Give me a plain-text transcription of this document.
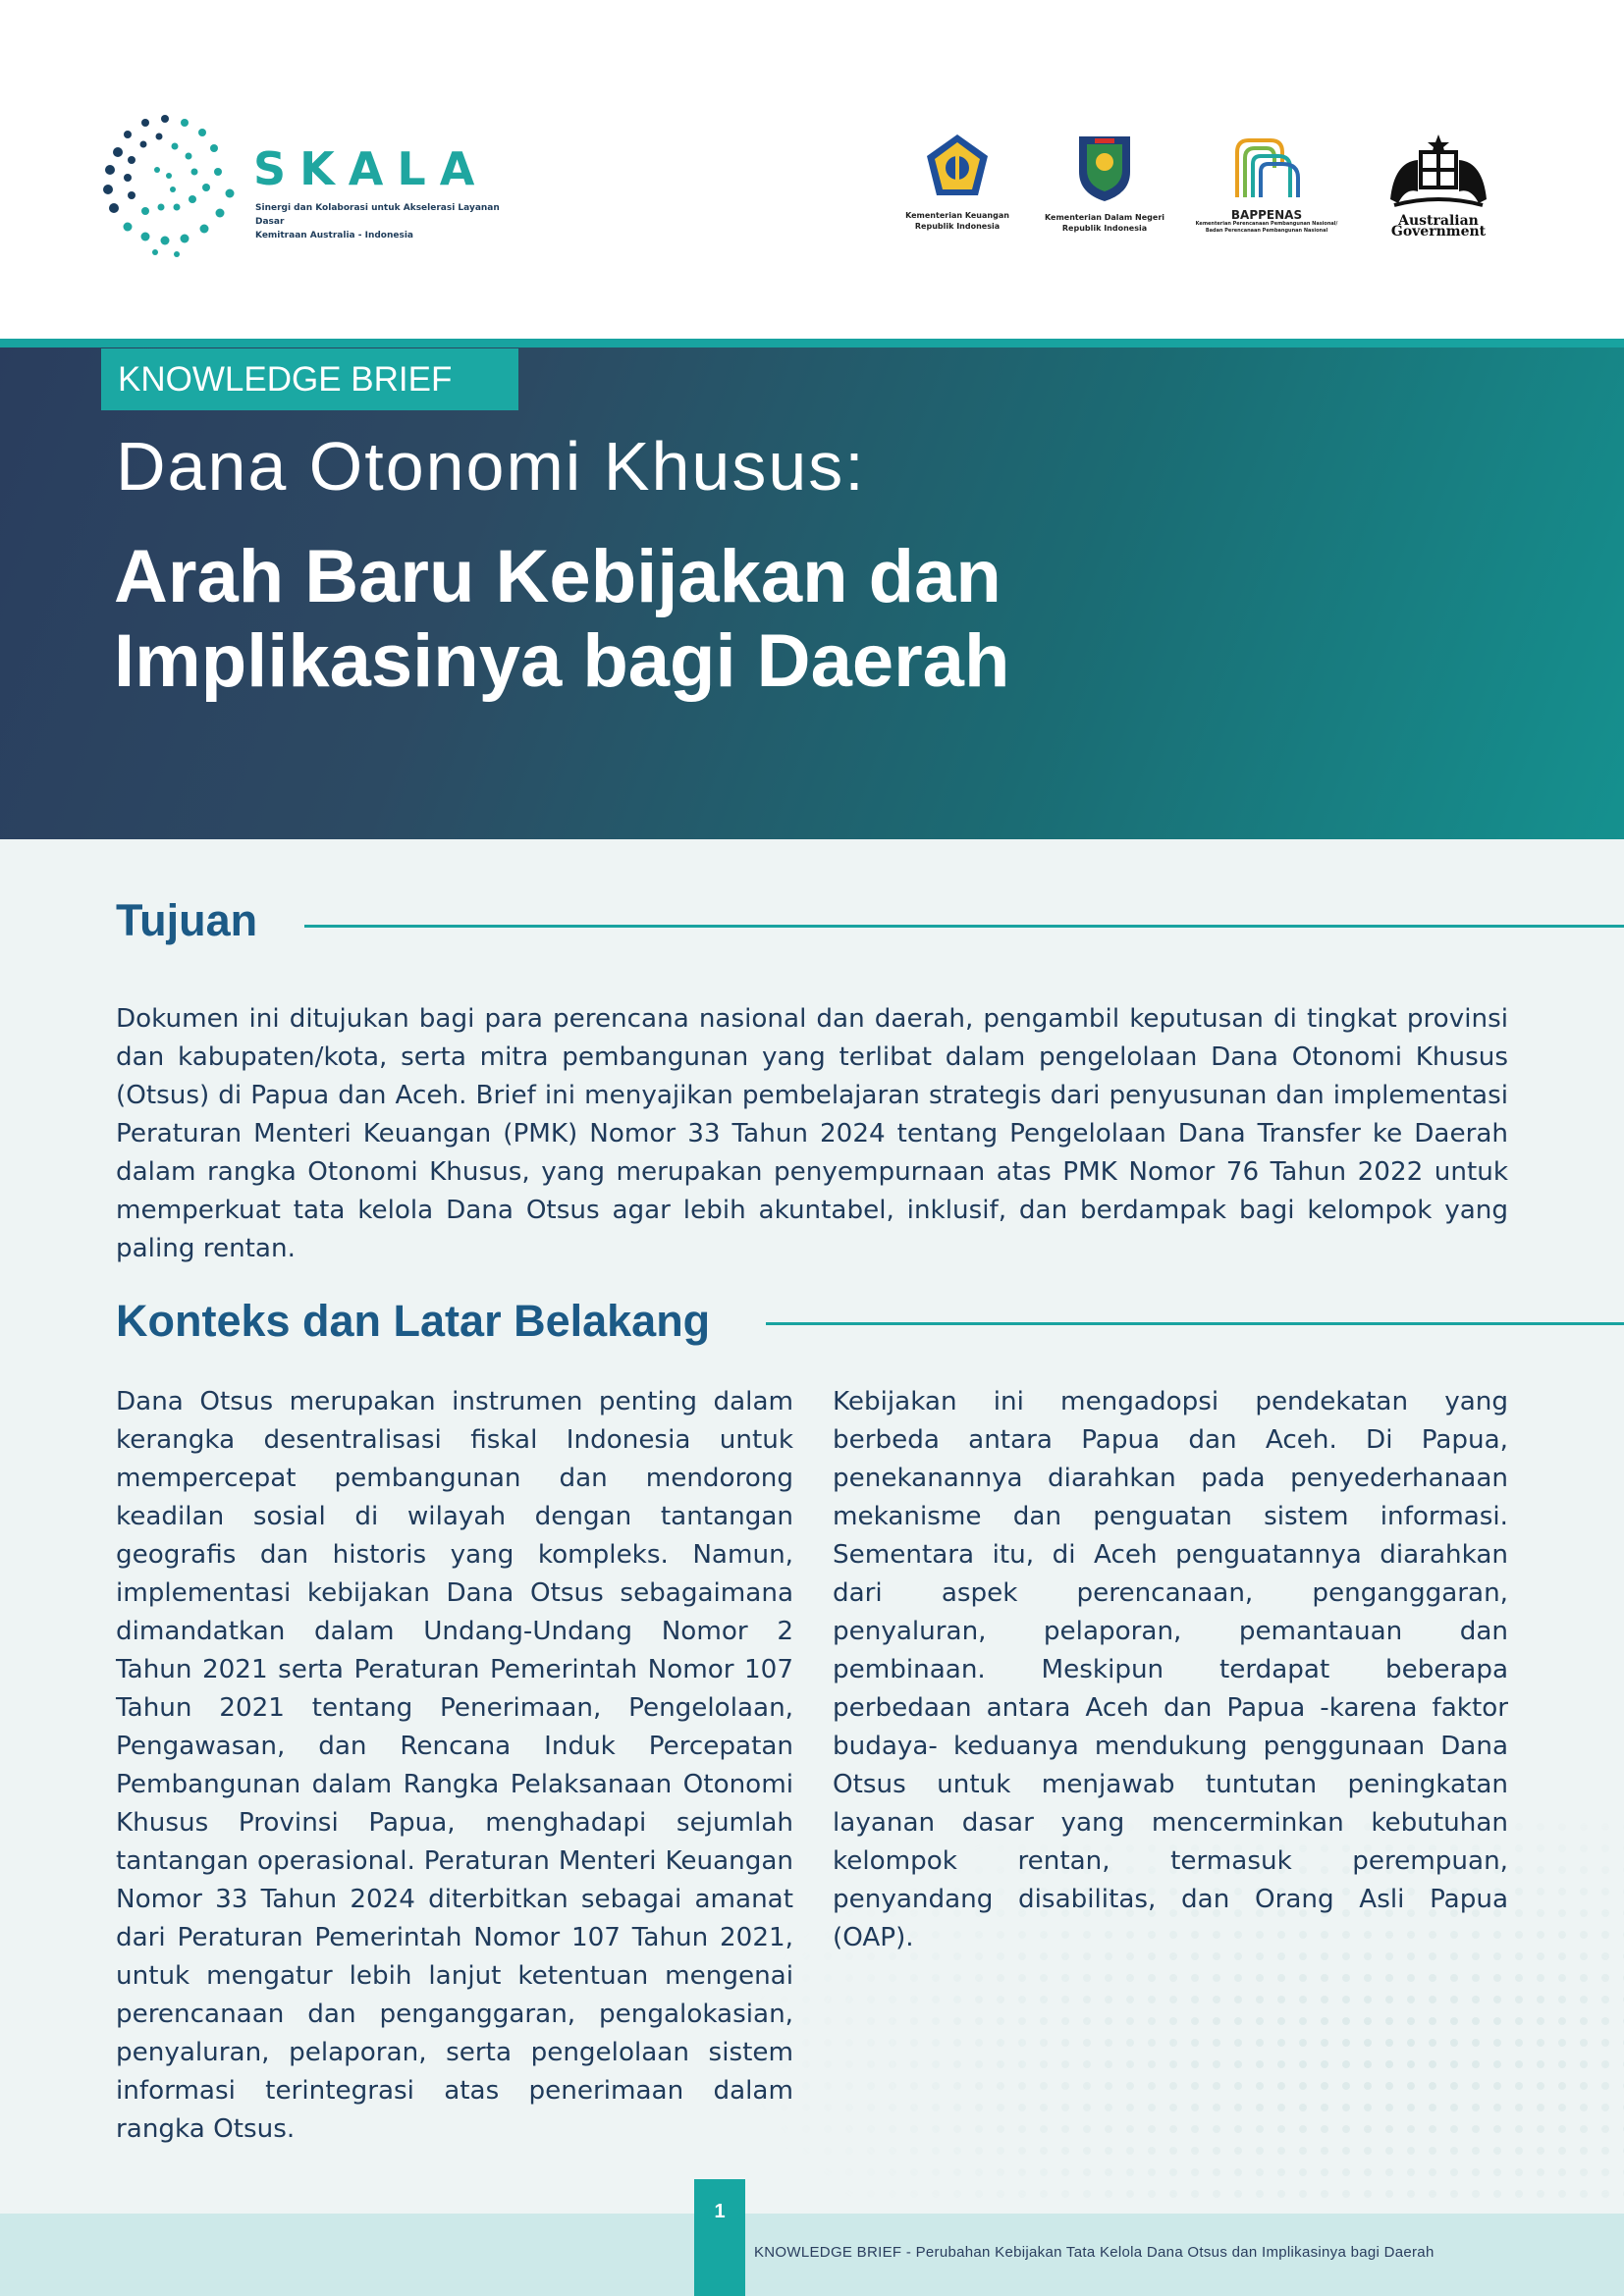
SKALA
Sinergi dan Kolaborasi untuk Akselerasi Layanan Dasar
Kemitraan Australia - Indonesia
Kementerian Keuangan
Republik Indonesia
Kementerian Dalam Negeri
Republik Indonesia
BAPPENAS
Kementerian Perencanaan Pembangunan Nasional/
Badan Perencanaan Pembangunan Nasional
Australian Government
KNOWLEDGE BRIEF
Dana Otonomi Khusus:
Arah Baru Kebijakan dan
Implikasinya bagi Daerah
Tujuan
Dokumen ini ditujukan bagi para perencana nasional dan daerah, pengambil keputusan di tingkat provinsi dan kabupaten/kota, serta mitra pembangunan yang terlibat dalam pengelolaan Dana Otonomi Khusus (Otsus) di Papua dan Aceh. Brief ini menyajikan pembelajaran strategis dari penyusunan dan implementasi Peraturan Menteri Keuangan (PMK) Nomor 33 Tahun 2024 tentang Pengelolaan Dana Transfer ke Daerah dalam rangka Otonomi Khusus, yang merupakan penyempurnaan atas PMK Nomor 76 Tahun 2022 untuk memperkuat tata kelola Dana Otsus agar lebih akuntabel, inklusif, dan berdampak bagi kelompok yang paling rentan.
Konteks dan Latar Belakang
Dana Otsus merupakan instrumen penting dalam kerangka desentralisasi fiskal Indonesia untuk mempercepat pembangunan dan mendorong keadilan sosial di wilayah dengan tantangan geografis dan historis yang kompleks. Namun, implementasi kebijakan Dana Otsus sebagaimana dimandatkan dalam Undang-Undang Nomor 2 Tahun 2021 serta Peraturan Pemerintah Nomor 107 Tahun 2021 tentang Penerimaan, Pengelolaan, Pengawasan, dan Rencana Induk Percepatan Pembangunan dalam Rangka Pelaksanaan Otonomi Khusus Provinsi Papua, menghadapi sejumlah tantangan operasional. Peraturan Menteri Keuangan Nomor 33 Tahun 2024 diterbitkan sebagai amanat dari Peraturan Pemerintah Nomor 107 Tahun 2021, untuk mengatur lebih lanjut ketentuan mengenai perencanaan dan penganggaran, pengalokasian, penyaluran, pelaporan, serta pengelolaan sistem informasi terintegrasi atas penerimaan dalam rangka Otsus.
Kebijakan ini mengadopsi pendekatan yang berbeda antara Papua dan Aceh. Di Papua, penekanannya diarahkan pada penyederhanaan mekanisme dan penguatan sistem informasi. Sementara itu, di Aceh penguatannya diarahkan dari aspek perencanaan, penganggaran, penyaluran, pelaporan, pemantauan dan pembinaan. Meskipun terdapat beberapa perbedaan antara Aceh dan Papua -karena faktor budaya- keduanya mendukung penggunaan Dana Otsus untuk menjawab tuntutan peningkatan layanan dasar yang mencerminkan kebutuhan kelompok rentan, termasuk perempuan, penyandang disabilitas, dan Orang Asli Papua (OAP).
1
KNOWLEDGE BRIEF - Perubahan Kebijakan Tata Kelola Dana Otsus dan Implikasinya bagi Daerah
